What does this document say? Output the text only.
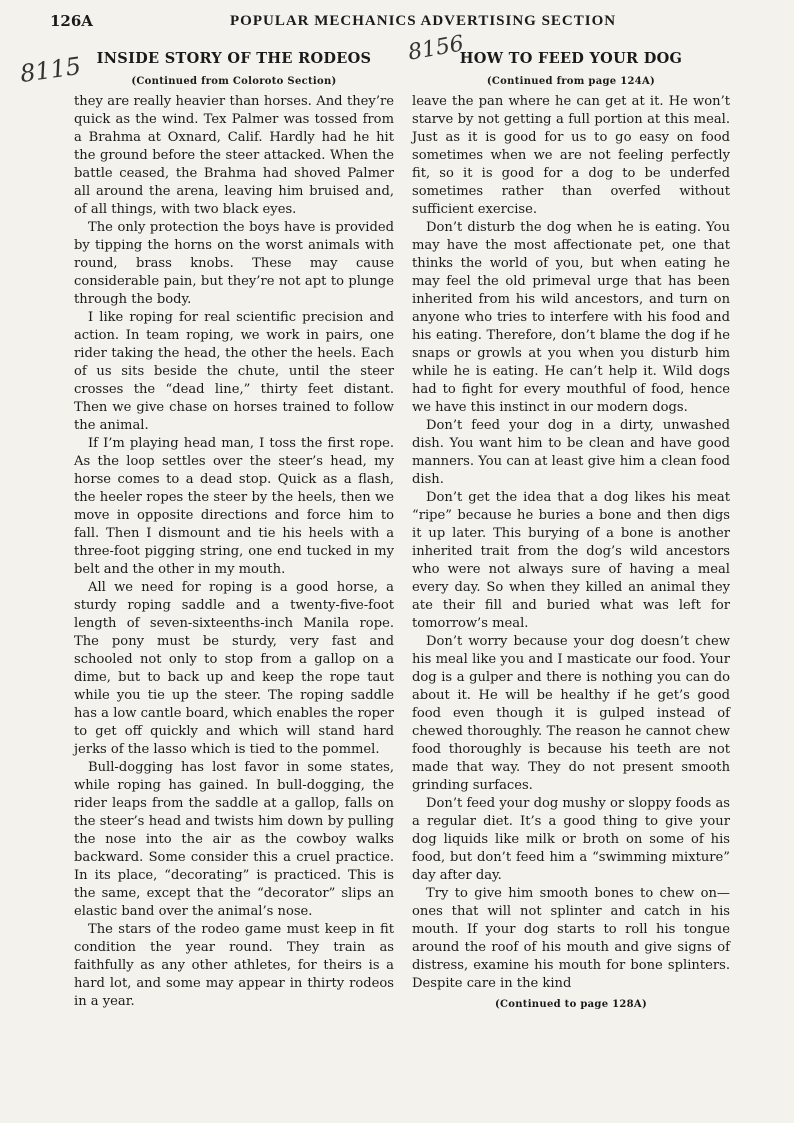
126A	POPULAR MECHANICS ADVERTISING SECTION
8115
8156
INSIDE STORY OF THE RODEOS
(Continued from Coloroto Section)

they are really heavier than horses. And they’re quick as the wind. Tex Palmer was tossed from a Brahma at Oxnard, Calif. Hardly had he hit the ground before the steer attacked. When the battle ceased, the Brahma had shoved Palmer all around the arena, leaving him bruised and, of all things, with two black eyes.

The only protection the boys have is provided by tipping the horns on the worst animals with round, brass knobs. These may cause considerable pain, but they’re not apt to plunge through the body.

I like roping for real scientific precision and action. In team roping, we work in pairs, one rider taking the head, the other the heels. Each of us sits beside the chute, until the steer crosses the “dead line,” thirty feet distant. Then we give chase on horses trained to follow the animal.

If I’m playing head man, I toss the first rope. As the loop settles over the steer’s head, my horse comes to a dead stop. Quick as a flash, the heeler ropes the steer by the heels, then we move in opposite directions and force him to fall. Then I dismount and tie his heels with a three-foot pigging string, one end tucked in my belt and the other in my mouth.

All we need for roping is a good horse, a sturdy roping saddle and a twenty-five-foot length of seven-sixteenths-inch Manila rope. The pony must be sturdy, very fast and schooled not only to stop from a gallop on a dime, but to back up and keep the rope taut while you tie up the steer. The roping saddle has a low cantle board, which enables the roper to get off quickly and which will stand hard jerks of the lasso which is tied to the pommel.

Bull-dogging has lost favor in some states, while roping has gained. In bull-dogging, the rider leaps from the saddle at a gallop, falls on the steer’s head and twists him down by pulling the nose into the air as the cowboy walks backward. Some consider this a cruel practice. In its place, “decorating” is practiced. This is the same, except that the “decorator” slips an elastic band over the animal’s nose.

The stars of the rodeo game must keep in fit condition the year round. They train as faithfully as any other athletes, for theirs is a hard lot, and some may appear in thirty rodeos in a year.

HOW TO FEED YOUR DOG
(Continued from page 124A)

leave the pan where he can get at it. He won’t starve by not getting a full portion at this meal. Just as it is good for us to go easy on food sometimes when we are not feeling perfectly fit, so it is good for a dog to be underfed sometimes rather than overfed without sufficient exercise.

Don’t disturb the dog when he is eating. You may have the most affectionate pet, one that thinks the world of you, but when eating he may feel the old primeval urge that has been inherited from his wild ancestors, and turn on anyone who tries to interfere with his food and his eating. Therefore, don’t blame the dog if he snaps or growls at you when you disturb him while he is eating. He can’t help it. Wild dogs had to fight for every mouthful of food, hence we have this instinct in our modern dogs.

Don’t feed your dog in a dirty, unwashed dish. You want him to be clean and have good manners. You can at least give him a clean food dish.

Don’t get the idea that a dog likes his meat “ripe” because he buries a bone and then digs it up later. This burying of a bone is another inherited trait from the dog’s wild ancestors who were not always sure of having a meal every day. So when they killed an animal they ate their fill and buried what was left for tomorrow’s meal.

Don’t worry because your dog doesn’t chew his meal like you and I masticate our food. Your dog is a gulper and there is nothing you can do about it. He will be healthy if he get’s good food even though it is gulped instead of chewed thoroughly. The reason he cannot chew food thoroughly is because his teeth are not made that way. They do not present smooth grinding surfaces.

Don’t feed your dog mushy or sloppy foods as a regular diet. It’s a good thing to give your dog liquids like milk or broth on some of his food, but don’t feed him a “swimming mixture” day after day.

Try to give him smooth bones to chew on—ones that will not splinter and catch in his mouth. If your dog starts to roll his tongue around the roof of his mouth and give signs of distress, examine his mouth for bone splinters. Despite care in the kind

(Continued to page 128A)
